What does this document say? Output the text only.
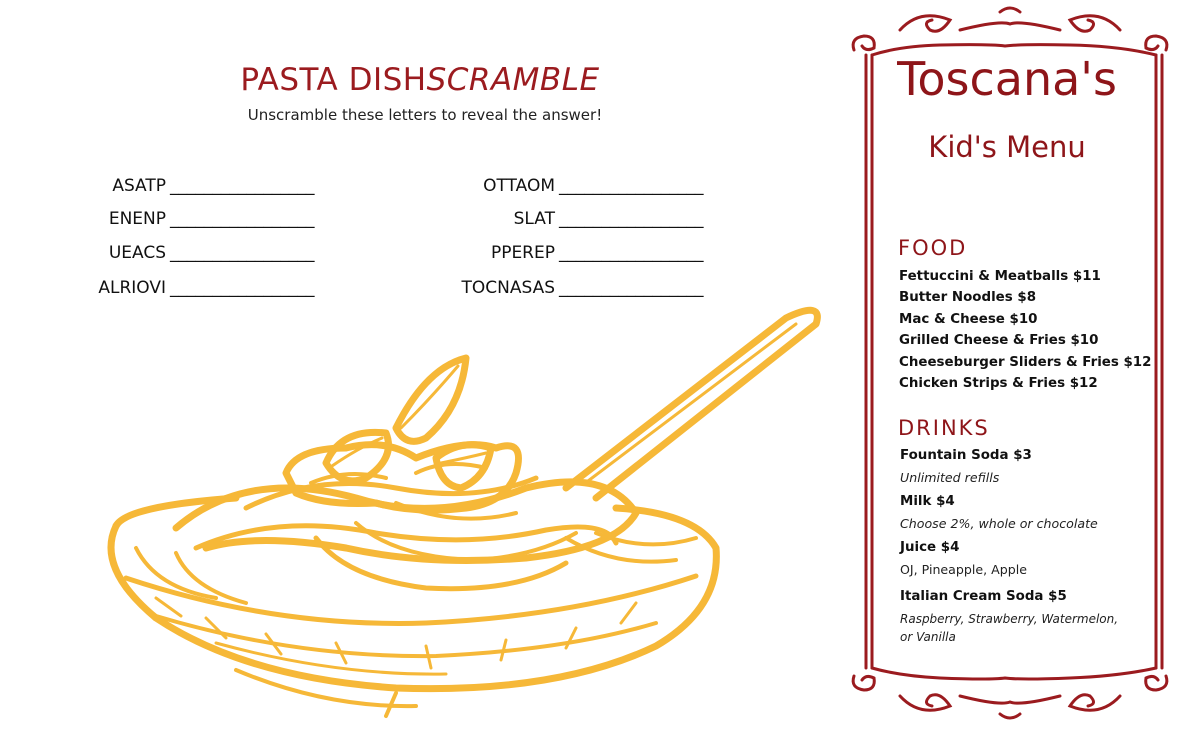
PASTA DISHSCRAMBLE
Unscramble these letters to reveal the answer!
ASATP _________________
ENENP _________________
UEACS _________________
ALRIOVI _________________
OTTAOM _________________
SLAT _________________
PPEREP _________________
TOCNASAS _________________
Toscana's
Kid's Menu
FOOD
Fettuccini & Meatballs $11
Butter Noodles $8
Mac & Cheese $10
Grilled Cheese & Fries $10
Cheeseburger Sliders & Fries $12
Chicken Strips & Fries $12
DRINKS
Fountain Soda $3
Unlimited refills
Milk $4
Choose 2%, whole or chocolate
Juice $4
OJ, Pineapple, Apple
Italian Cream Soda $5
Raspberry, Strawberry, Watermelon,
or Vanilla
